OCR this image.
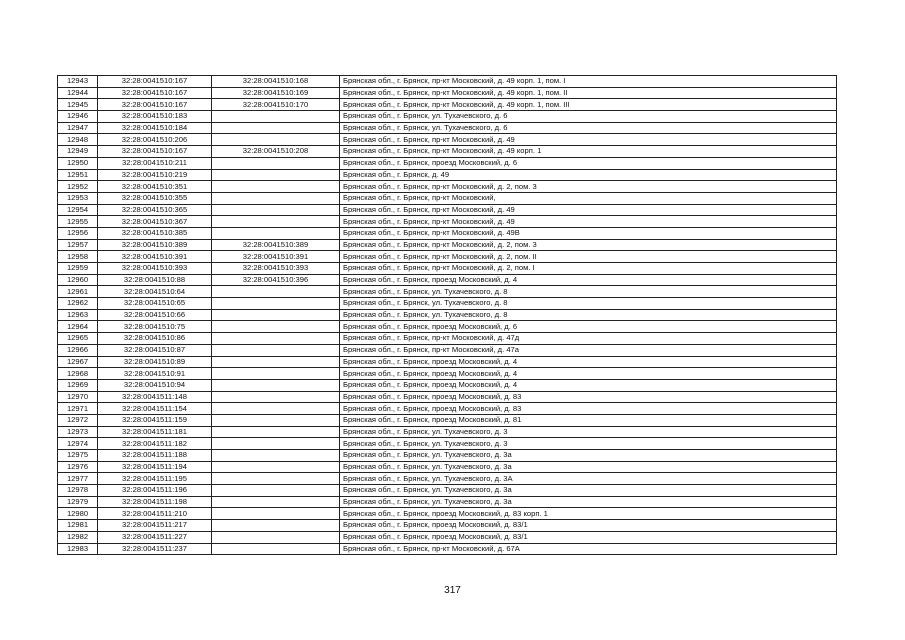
12943	32:28:0041510:167	32:28:0041510:168	Брянская обл., г. Брянск, пр-кт Московский, д. 49 корп. 1, пом. I
12944	32:28:0041510:167	32:28:0041510:169	Брянская обл., г. Брянск, пр-кт Московский, д. 49 корп. 1, пом. II
12945	32:28:0041510:167	32:28:0041510:170	Брянская обл., г. Брянск, пр-кт Московский, д. 49 корп. 1, пом. III
12946	32:28:0041510:183		Брянская обл., г. Брянск, ул. Тухачевского, д. 6
12947	32:28:0041510:184		Брянская обл., г. Брянск, ул. Тухачевского, д. 6
12948	32:28:0041510:206		Брянская обл., г. Брянск, пр-кт Московский, д. 49
12949	32:28:0041510:167	32:28:0041510:208	Брянская обл., г. Брянск, пр-кт Московский, д. 49 корп. 1
12950	32:28:0041510:211		Брянская обл., г. Брянск, проезд Московский, д. 6
12951	32:28:0041510:219		Брянская обл., г. Брянск, д. 49
12952	32:28:0041510:351		Брянская обл., г. Брянск, пр-кт Московский, д. 2, пом. 3
12953	32:28:0041510:355		Брянская обл., г. Брянск, пр-кт Московский,
12954	32:28:0041510:365		Брянская обл., г. Брянск, пр-кт Московский, д. 49
12955	32:28:0041510:367		Брянская обл., г. Брянск, пр-кт Московский, д. 49
12956	32:28:0041510:385		Брянская обл., г. Брянск, пр-кт Московский, д. 49В
12957	32:28:0041510:389	32:28:0041510:389	Брянская обл., г. Брянск, пр-кт Московский, д. 2, пом. 3
12958	32:28:0041510:391	32:28:0041510:391	Брянская обл., г. Брянск, пр-кт Московский, д. 2, пом. II
12959	32:28:0041510:393	32:28:0041510:393	Брянская обл., г. Брянск, пр-кт Московский, д. 2, пом. I
12960	32:28:0041510:88	32:28:0041510:396	Брянская обл., г. Брянск, проезд Московский, д. 4
12961	32:28:0041510:64		Брянская обл., г. Брянск, ул. Тухачевского, д. 8
12962	32:28:0041510:65		Брянская обл., г. Брянск, ул. Тухачевского, д. 8
12963	32:28:0041510:66		Брянская обл., г. Брянск, ул. Тухачевского, д. 8
12964	32:28:0041510:75		Брянская обл., г. Брянск, проезд Московский, д. 6
12965	32:28:0041510:86		Брянская обл., г. Брянск, пр-кт Московский, д. 47д
12966	32:28:0041510:87		Брянская обл., г. Брянск, пр-кт Московский, д. 47а
12967	32:28:0041510:89		Брянская обл., г. Брянск, проезд Московский, д. 4
12968	32:28:0041510:91		Брянская обл., г. Брянск, проезд Московский, д. 4
12969	32:28:0041510:94		Брянская обл., г. Брянск, проезд Московский, д. 4
12970	32:28:0041511:148		Брянская обл., г. Брянск, проезд Московский, д. 83
12971	32:28:0041511:154		Брянская обл., г. Брянск, проезд Московский, д. 83
12972	32:28:0041511:159		Брянская обл., г. Брянск, проезд Московский, д. 81
12973	32:28:0041511:181		Брянская обл., г. Брянск, ул. Тухачевского, д. 3
12974	32:28:0041511:182		Брянская обл., г. Брянск, ул. Тухачевского, д. 3
12975	32:28:0041511:188		Брянская обл., г. Брянск, ул. Тухачевского, д. 3а
12976	32:28:0041511:194		Брянская обл., г. Брянск, ул. Тухачевского, д. 3а
12977	32:28:0041511:195		Брянская обл., г. Брянск, ул. Тухачевского, д. 3А
12978	32:28:0041511:196		Брянская обл., г. Брянск, ул. Тухачевского, д. 3а
12979	32:28:0041511:198		Брянская обл., г. Брянск, ул. Тухачевского, д. 3а
12980	32:28:0041511:210		Брянская обл., г. Брянск, проезд Московский, д. 83 корп. 1
12981	32:28:0041511:217		Брянская обл., г. Брянск, проезд Московский, д. 83/1
12982	32:28:0041511:227		Брянская обл., г. Брянск, проезд Московский, д. 83/1
12983	32:28:0041511:237		Брянская обл., г. Брянск, пр-кт Московский, д. 67А
317
